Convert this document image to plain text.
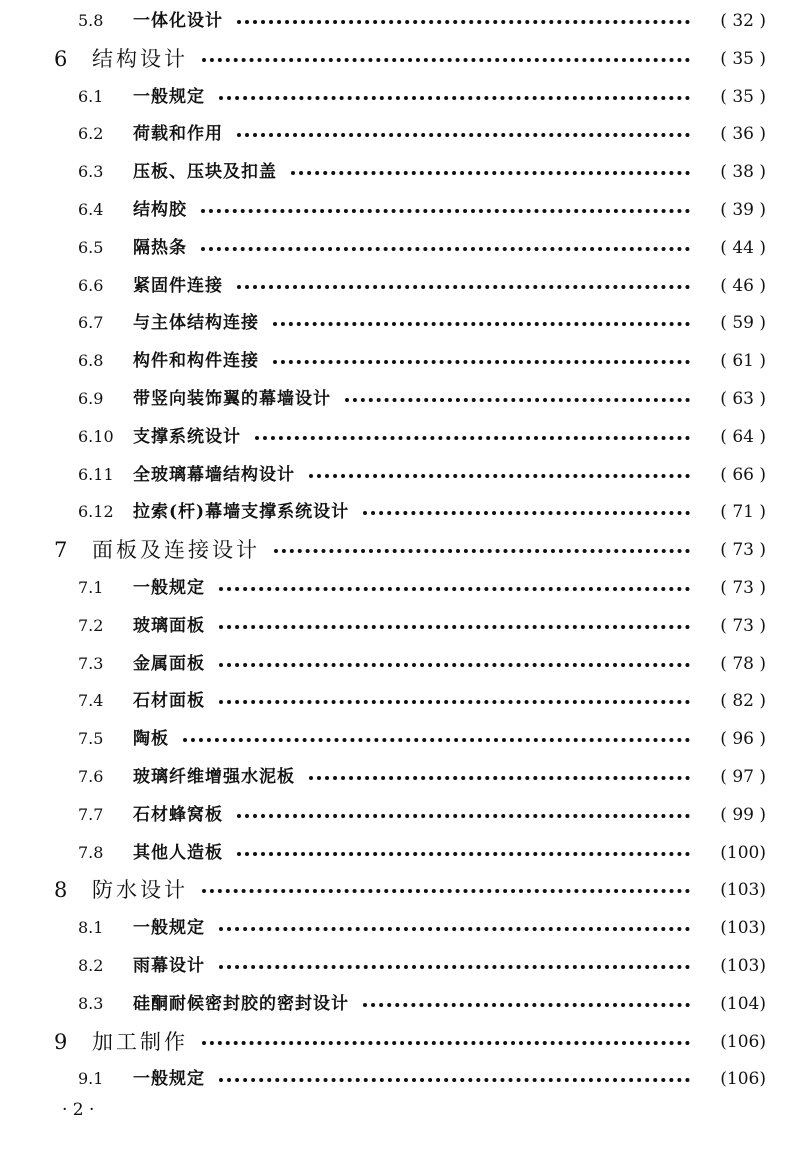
5.8 一体化设计	( 32 )
6 结构设计	( 35 )
6.1 一般规定	( 35 )
6.2 荷载和作用	( 36 )
6.3 压板、压块及扣盖	( 38 )
6.4 结构胶	( 39 )
6.5 隔热条	( 44 )
6.6 紧固件连接	( 46 )
6.7 与主体结构连接	( 59 )
6.8 构件和构件连接	( 61 )
6.9 带竖向装饰翼的幕墙设计	( 63 )
6.10 支撑系统设计	( 64 )
6.11 全玻璃幕墙结构设计	( 66 )
6.12 拉索(杆)幕墙支撑系统设计	( 71 )
7 面板及连接设计	( 73 )
7.1 一般规定	( 73 )
7.2 玻璃面板	( 73 )
7.3 金属面板	( 78 )
7.4 石材面板	( 82 )
7.5 陶板	( 96 )
7.6 玻璃纤维增强水泥板	( 97 )
7.7 石材蜂窝板	( 99 )
7.8 其他人造板	(100)
8 防水设计	(103)
8.1 一般规定	(103)
8.2 雨幕设计	(103)
8.3 硅酮耐候密封胶的密封设计	(104)
9 加工制作	(106)
9.1 一般规定	(106)
· 2 ·
